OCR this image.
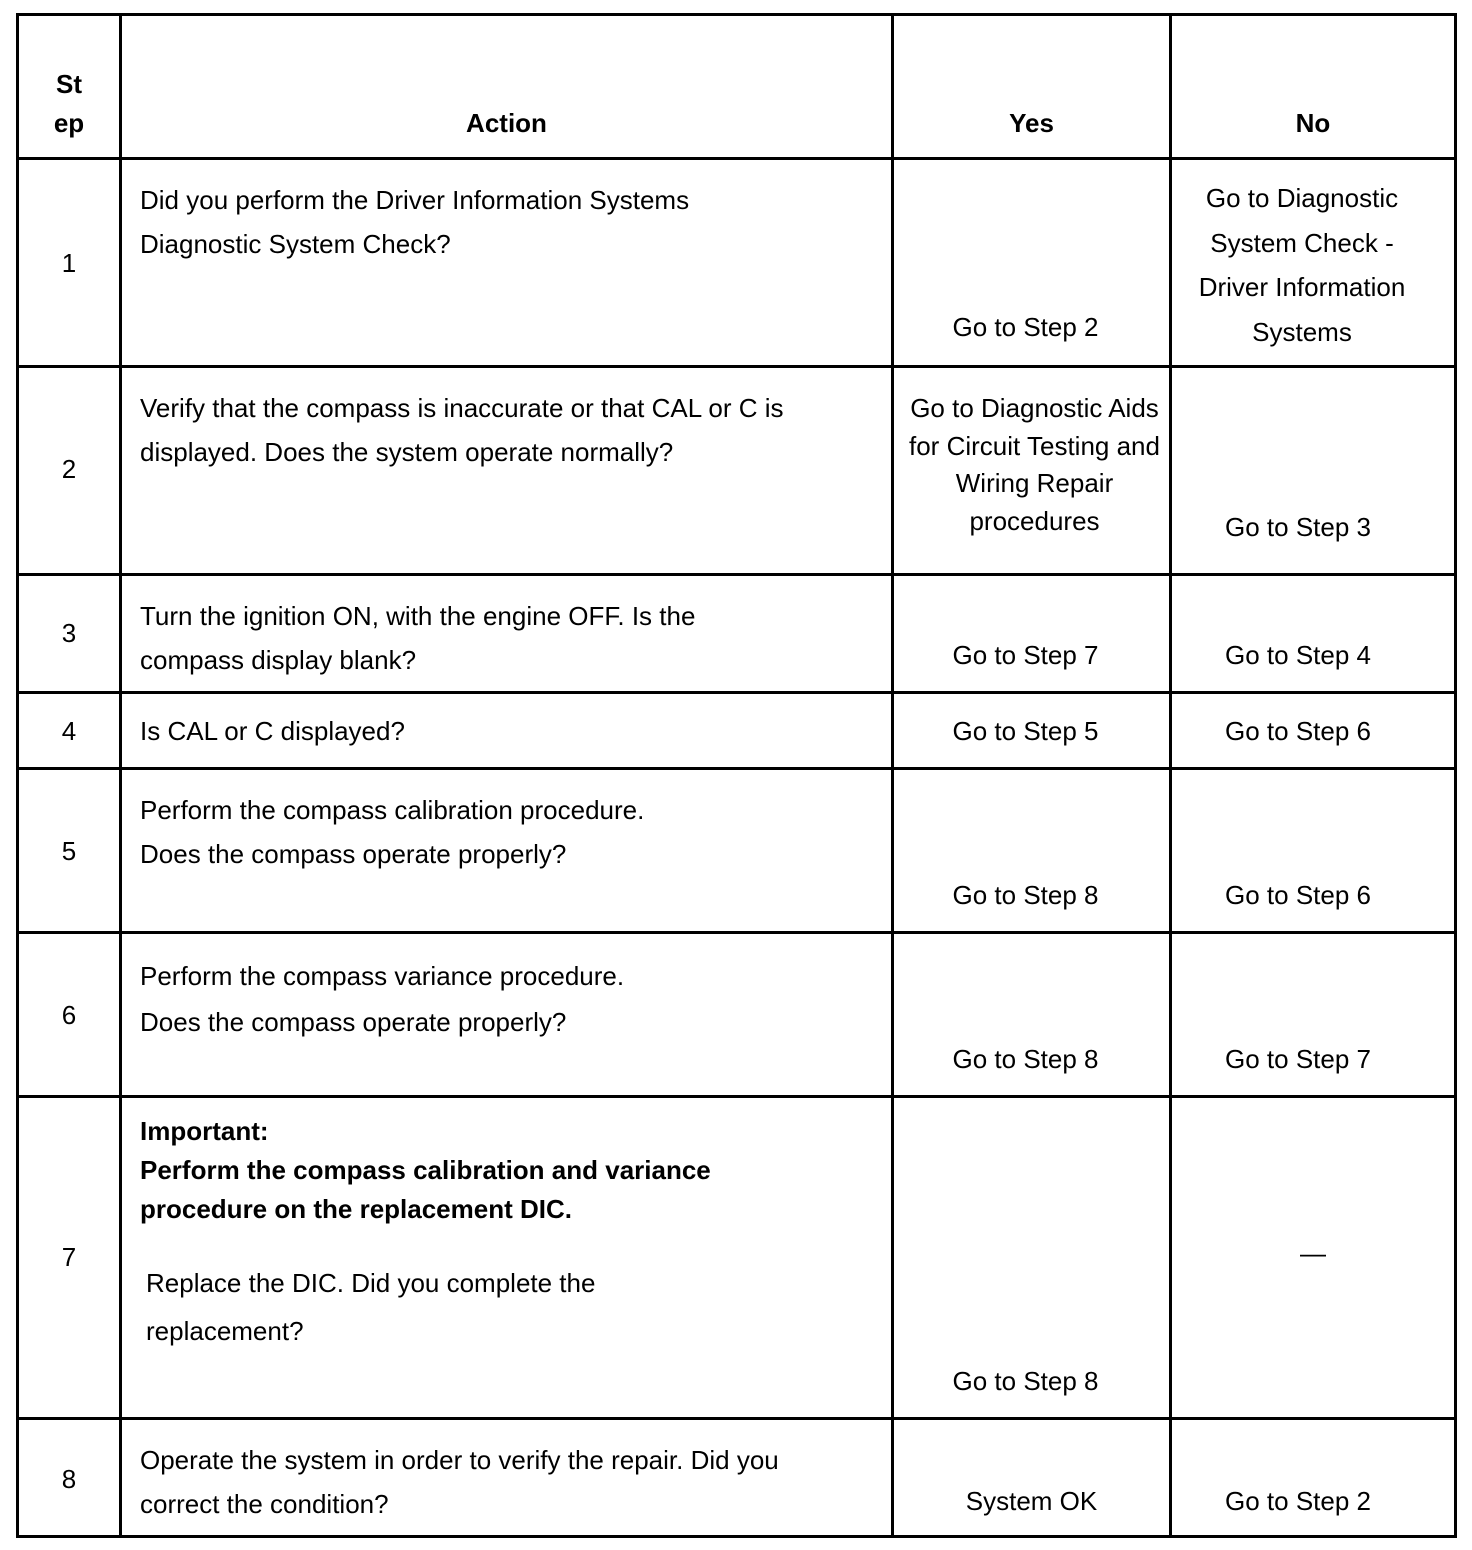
St
ep	Action	Yes	No

1	Did you perform the Driver Information Systems Diagnostic System Check?	Go to Step 2	Go to Diagnostic System Check - Driver Information Systems

2	Verify that the compass is inaccurate or that CAL or C is displayed. Does the system operate normally?	Go to Diagnostic Aids for Circuit Testing and Wiring Repair procedures	Go to Step 3

3	Turn the ignition ON, with the engine OFF. Is the compass display blank?	Go to Step 7	Go to Step 4

4	Is CAL or C displayed?	Go to Step 5	Go to Step 6

5	Perform the compass calibration procedure.
Does the compass operate properly?	Go to Step 8	Go to Step 6

6	Perform the compass variance procedure.
Does the compass operate properly?	Go to Step 8	Go to Step 7

7	Important:
Perform the compass calibration and variance procedure on the replacement DIC.
Replace the DIC. Did you complete the replacement?	Go to Step 8	—

8	Operate the system in order to verify the repair. Did you correct the condition?	System OK	Go to Step 2
